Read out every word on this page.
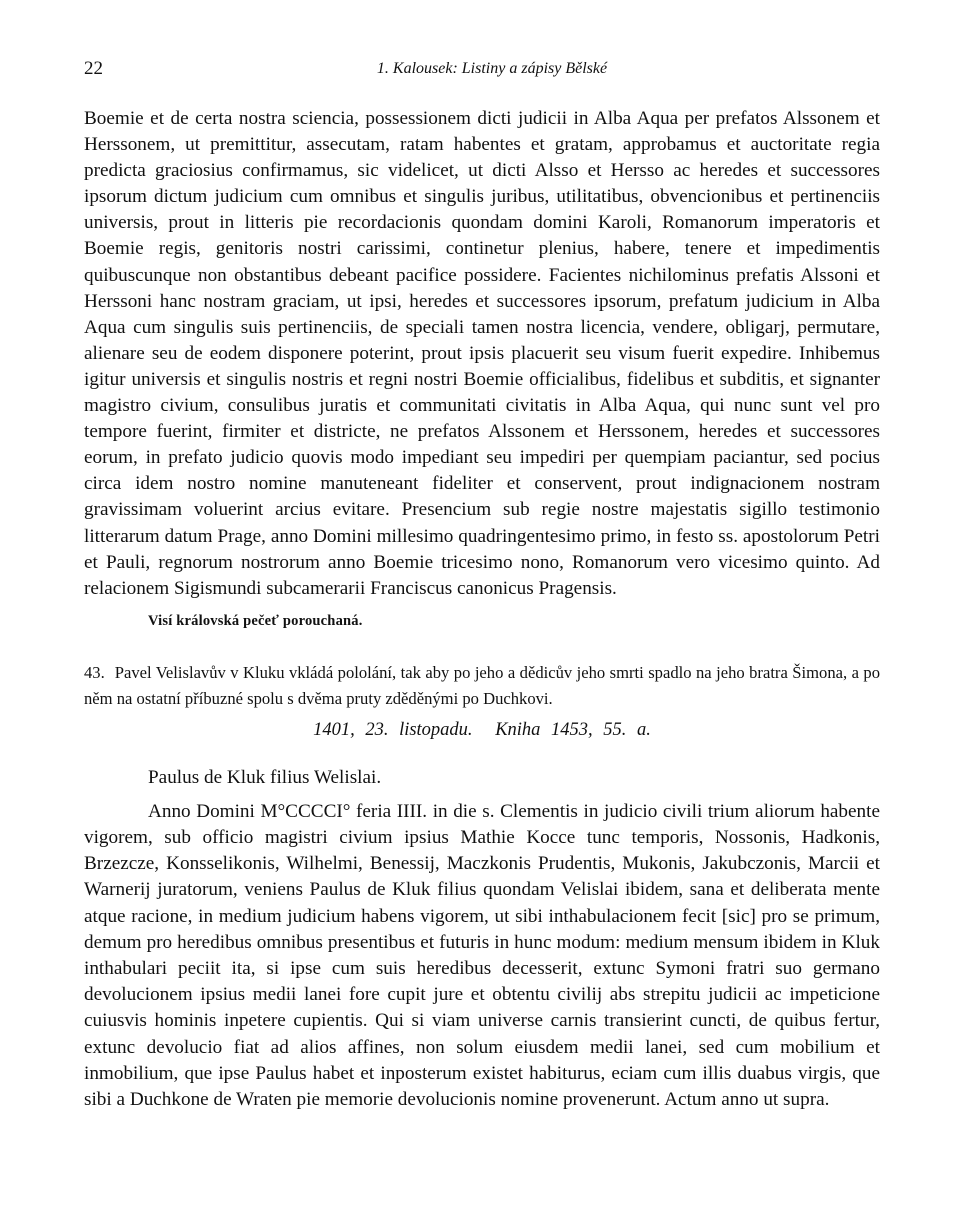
22	1. Kalousek: Listiny a zápisy Bělské

Boemie et de certa nostra sciencia, possessionem dicti judicii in Alba Aqua per prefatos Alssonem et Herssonem, ut premittitur, assecutam, ratam habentes et gratam, approbamus et auctoritate regia predicta graciosius confirmamus, sic videlicet, ut dicti Alsso et Hersso ac heredes et successores ipsorum dictum judicium cum omnibus et singulis juribus, utilitatibus, obvencionibus et pertinenciis universis, prout in litteris pie recordacionis quondam domini Karoli, Romanorum imperatoris et Boemie regis, genitoris nostri carissimi, continetur plenius, habere, tenere et impedimentis quibuscunque non obstantibus debeant pacifice possidere. Facientes nichilominus prefatis Alssoni et Herssoni hanc nostram graciam, ut ipsi, heredes et successores ipsorum, prefatum judicium in Alba Aqua cum singulis suis pertinenciis, de speciali tamen nostra licencia, vendere, obligarj, permutare, alienare seu de eodem disponere poterint, prout ipsis placuerit seu visum fuerit expedire. Inhibemus igitur universis et singulis nostris et regni nostri Boemie officialibus, fidelibus et subditis, et signanter magistro civium, consulibus juratis et communitati civitatis in Alba Aqua, qui nunc sunt vel pro tempore fuerint, firmiter et districte, ne prefatos Alssonem et Herssonem, heredes et successores eorum, in prefato judicio quovis modo impediant seu impediri per quempiam paciantur, sed pocius circa idem nostro nomine manuteneant fideliter et conservent, prout indignacionem nostram gravissimam voluerint arcius evitare. Presencium sub regie nostre majestatis sigillo testimonio litterarum datum Prage, anno Domini millesimo quadringentesimo primo, in festo ss. apostolorum Petri et Pauli, regnorum nostrorum anno Boemie tricesimo nono, Romanorum vero vicesimo quinto. Ad relacionem Sigismundi subcamerarii Franciscus canonicus Pragensis.

Visí královská pečeť porouchaná.
43. Pavel Velislavův v Kluku vkládá pololání, tak aby po jeho a dědicův jeho smrti spadlo na jeho bratra Šimona, a po něm na ostatní příbuzné spolu s dvěma pruty zděděnými po Duchkovi.
1401, 23. listopadu. Kniha 1453, 55. a.
Paulus de Kluk filius Welislai.

Anno Domini M°CCCCI° feria IIII. in die s. Clementis in judicio civili trium aliorum habente vigorem, sub officio magistri civium ipsius Mathie Kocce tunc temporis, Nossonis, Hadkonis, Brzezcze, Konsselikonis, Wilhelmi, Benessij, Maczkonis Prudentis, Mukonis, Jakubczonis, Marcii et Warnerij juratorum, veniens Paulus de Kluk filius quondam Velislai ibidem, sana et deliberata mente atque racione, in medium judicium habens vigorem, ut sibi inthabulacionem fecit [sic] pro se primum, demum pro heredibus omnibus presentibus et futuris in hunc modum: medium mensum ibidem in Kluk inthabulari peciit ita, si ipse cum suis heredibus decesserit, extunc Symoni fratri suo germano devolucionem ipsius medii lanei fore cupit jure et obtentu civilij abs strepitu judicii ac impeticione cuiusvis hominis inpetere cupientis. Qui si viam universe carnis transierint cuncti, de quibus fertur, extunc devolucio fiat ad alios affines, non solum eiusdem medii lanei, sed cum mobilium et inmobilium, que ipse Paulus habet et inposterum existet habiturus, eciam cum illis duabus virgis, que sibi a Duchkone de Wraten pie memorie devolucionis nomine provenerunt. Actum anno ut supra.
